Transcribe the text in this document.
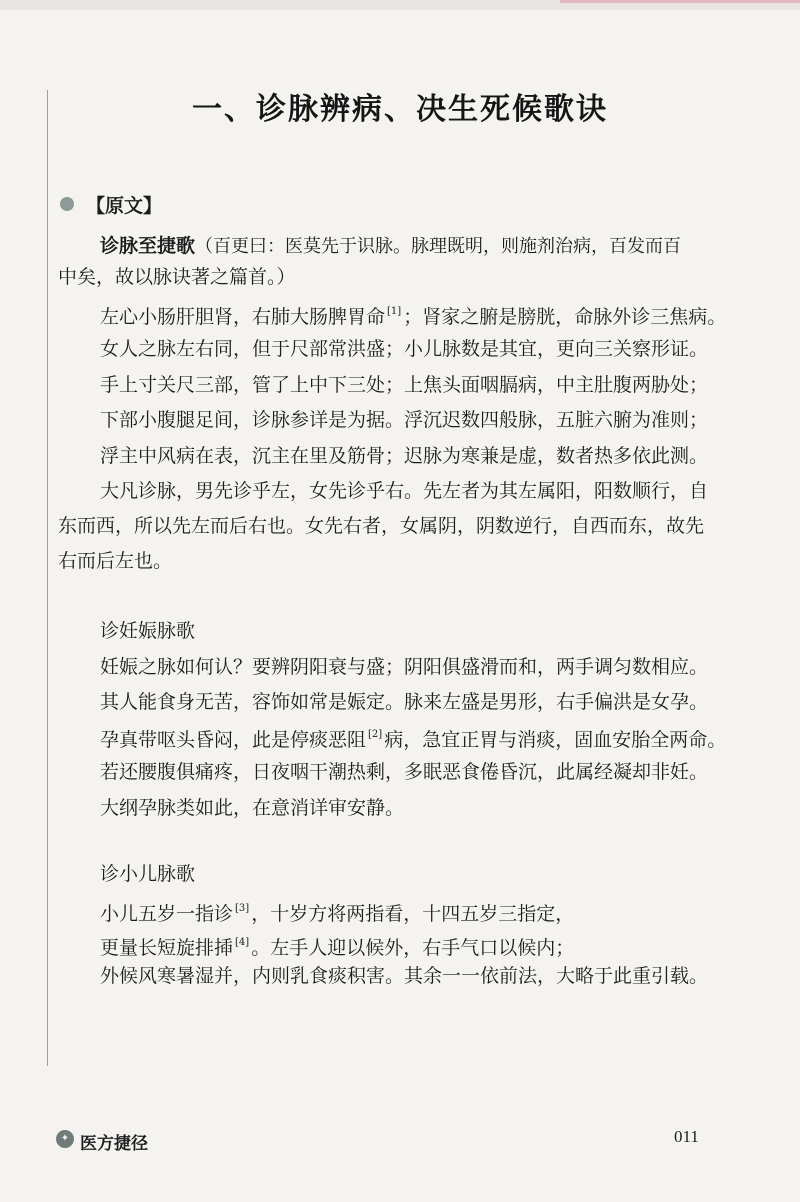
一、诊脉辨病、决生死候歌诀
【原文】
诊脉至捷歌（百更曰：医莫先于识脉。脉理既明，则施剂治病，百发而百
中矣，故以脉诀著之篇首。）
左心小肠肝胆肾，右肺大肠脾胃命 [1] ；肾家之腑是膀胱，命脉外诊三焦病。
女人之脉左右同，但于尺部常洪盛；小儿脉数是其宜，更向三关察形证。
手上寸关尺三部，管了上中下三处；上焦头面咽膈病，中主肚腹两胁处；
下部小腹腿足间，诊脉参详是为据。浮沉迟数四般脉，五脏六腑为准则；
浮主中风病在表，沉主在里及筋骨；迟脉为寒兼是虚，数者热多依此测。
大凡诊脉，男先诊乎左，女先诊乎右。先左者为其左属阳，阳数顺行，自
东而西，所以先左而后右也。女先右者，女属阴，阴数逆行，自西而东，故先
右而后左也。
诊妊娠脉歌
妊娠之脉如何认？要辨阴阳衰与盛；阴阳俱盛滑而和，两手调匀数相应。
其人能食身无苦，容饰如常是娠定。脉来左盛是男形，右手偏洪是女孕。
孕真带呕头昏闷，此是停痰恶阻 [2] 病，急宜正胃与消痰，固血安胎全两命。
若还腰腹俱痛疼，日夜咽干潮热剩，多眠恶食倦昏沉，此属经凝却非妊。
大纲孕脉类如此，在意消详审安静。
诊小儿脉歌
小儿五岁一指诊 [3] ，十岁方将两指看，十四五岁三指定，
更量长短旋排揷 [4] 。左手人迎以候外，右手气口以候内；
外候风寒暑湿并，内则乳食痰积害。其余一一依前法，大略于此重引载。
✦ 医方捷径	011
